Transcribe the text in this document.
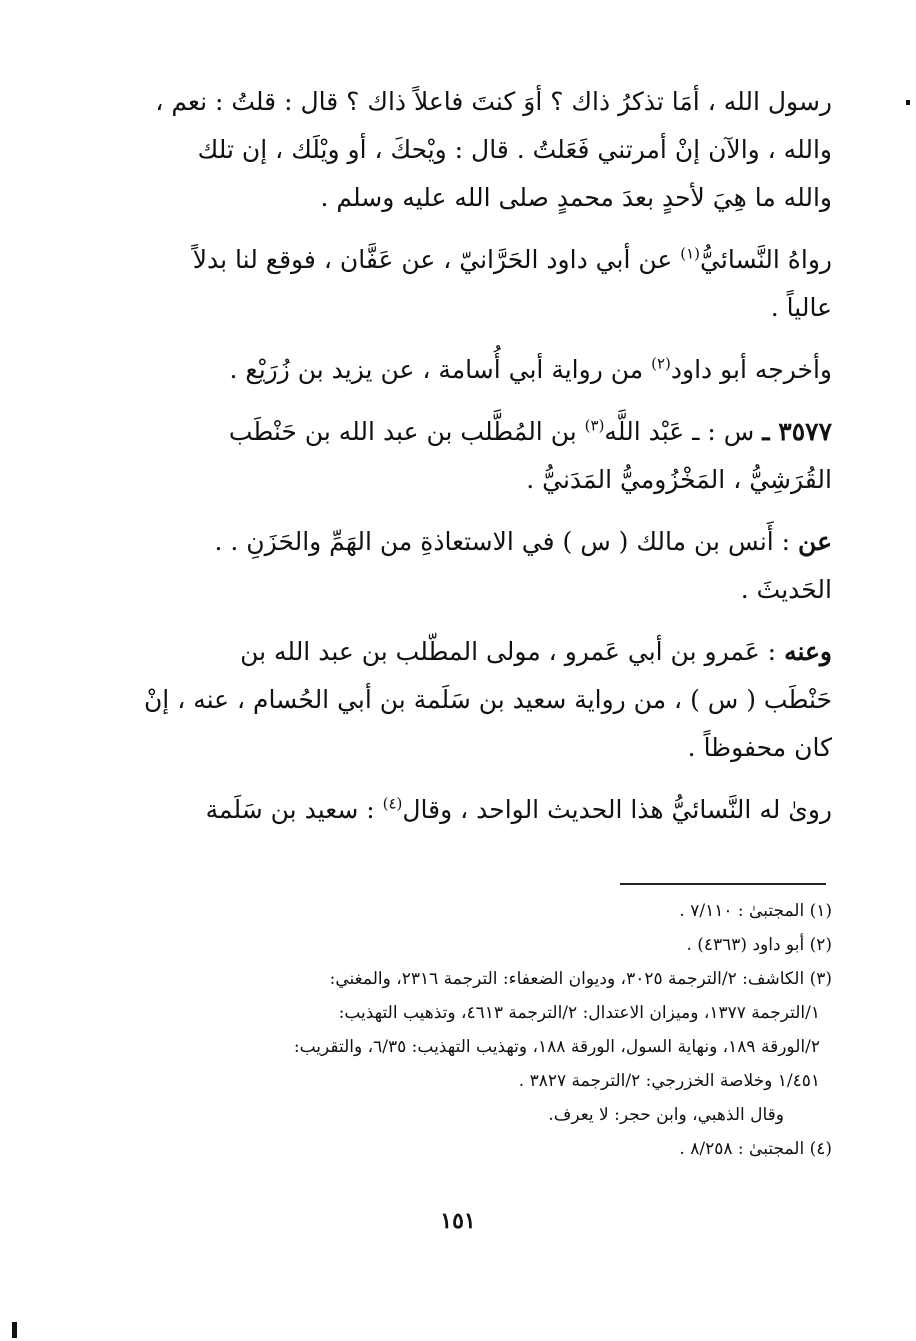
رسول الله ، أمَا تذكرُ ذاك ؟ أوَ كنتَ فاعلاً ذاك ؟ قال : قلتُ : نعم ،
والله ، والآن إنْ أمرتني فَعَلتُ . قال : ويْحكَ ، أو ويْلَك ، إن تلك
والله ما هِيَ لأحدٍ بعدَ محمدٍ صلى الله عليه وسلم .

رواهُ النَّسائيُّ$^{(١)}$ عن أبي داود الحَرَّانيّ ، عن عَفَّان ، فوقع لنا بدلاً
عالياً .

وأخرجه أبو داود$^{(٢)}$ من رواية أبي أُسامة ، عن يزيد بن زُرَيْع .

٣٥٧٧ ـ س : ـ عَبْد اللَّه$^{(٣)}$ بن المُطَّلب بن عبد الله بن حَنْطَب
القُرَشِيُّ ، المَخْزُوميُّ المَدَنيُّ .

عن : أَنس بن مالك ( س ) في الاستعاذةِ من الهَمِّ والحَزَنِ . .
الحَديثَ .

وعنه : عَمرو بن أبي عَمرو ، مولى المطّلب بن عبد الله بن
حَنْطَب ( س ) ، من رواية سعيد بن سَلَمة بن أبي الحُسام ، عنه ، إنْ
كان محفوظاً .

روىٰ له النَّسائيُّ هذا الحديث الواحد ، وقال$^{(٤)}$ : سعيد بن سَلَمة

(١) المجتبىٰ : ٧/١١٠ .
(٢) أبو داود (٤٣٦٣) .
(٣) الكاشف: ٢/الترجمة ٣٠٢٥، وديوان الضعفاء: الترجمة ٢٣١٦، والمغني:
١/الترجمة ١٣٧٧، وميزان الاعتدال: ٢/الترجمة ٤٦١٣، وتذهيب التهذيب:
٢/الورقة ١٨٩، ونهاية السول، الورقة ١٨٨، وتهذيب التهذيب: ٦/٣٥، والتقريب:
١/٤٥١ وخلاصة الخزرجي: ٢/الترجمة ٣٨٢٧ .
وقال الذهبي، وابن حجر: لا يعرف.
(٤) المجتبىٰ : ٨/٢٥٨ .
١٥١
